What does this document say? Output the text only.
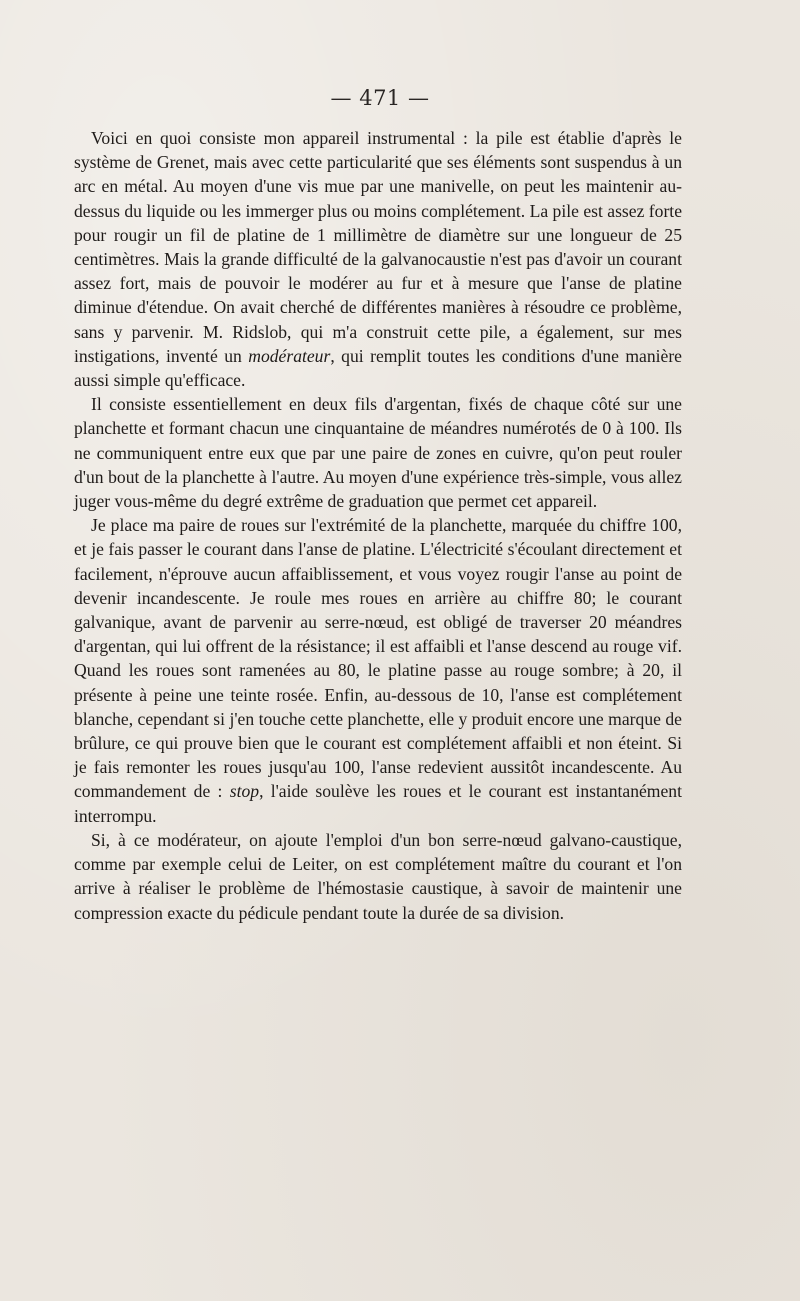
— 471 —

Voici en quoi consiste mon appareil instrumental : la pile est établie d'après le système de Grenet, mais avec cette particularité que ses éléments sont suspendus à un arc en métal. Au moyen d'une vis mue par une manivelle, on peut les maintenir au-dessus du liquide ou les immerger plus ou moins complétement. La pile est assez forte pour rougir un fil de platine de 1 millimètre de diamètre sur une longueur de 25 centimètres. Mais la grande difficulté de la galvanocaustie n'est pas d'avoir un courant assez fort, mais de pouvoir le modérer au fur et à mesure que l'anse de platine diminue d'étendue. On avait cherché de différentes manières à résoudre ce problème, sans y parvenir. M. Ridslob, qui m'a construit cette pile, a également, sur mes instigations, inventé un modérateur, qui remplit toutes les conditions d'une manière aussi simple qu'efficace.

Il consiste essentiellement en deux fils d'argentan, fixés de chaque côté sur une planchette et formant chacun une cinquantaine de méandres numérotés de 0 à 100. Ils ne communiquent entre eux que par une paire de zones en cuivre, qu'on peut rouler d'un bout de la planchette à l'autre. Au moyen d'une expérience très-simple, vous allez juger vous-même du degré extrême de graduation que permet cet appareil.

Je place ma paire de roues sur l'extrémité de la planchette, marquée du chiffre 100, et je fais passer le courant dans l'anse de platine. L'électricité s'écoulant directement et facilement, n'éprouve aucun affaiblissement, et vous voyez rougir l'anse au point de devenir incandescente. Je roule mes roues en arrière au chiffre 80; le courant galvanique, avant de parvenir au serre-nœud, est obligé de traverser 20 méandres d'argentan, qui lui offrent de la résistance; il est affaibli et l'anse descend au rouge vif. Quand les roues sont ramenées au 80, le platine passe au rouge sombre; à 20, il présente à peine une teinte rosée. Enfin, au-dessous de 10, l'anse est complétement blanche, cependant si j'en touche cette planchette, elle y produit encore une marque de brûlure, ce qui prouve bien que le courant est complétement affaibli et non éteint. Si je fais remonter les roues jusqu'au 100, l'anse redevient aussitôt incandescente. Au commandement de : stop, l'aide soulève les roues et le courant est instantanément interrompu.

Si, à ce modérateur, on ajoute l'emploi d'un bon serre-nœud galvano-caustique, comme par exemple celui de Leiter, on est complétement maître du courant et l'on arrive à réaliser le problème de l'hémostasie caustique, à savoir de maintenir une compression exacte du pédicule pendant toute la durée de sa division.
